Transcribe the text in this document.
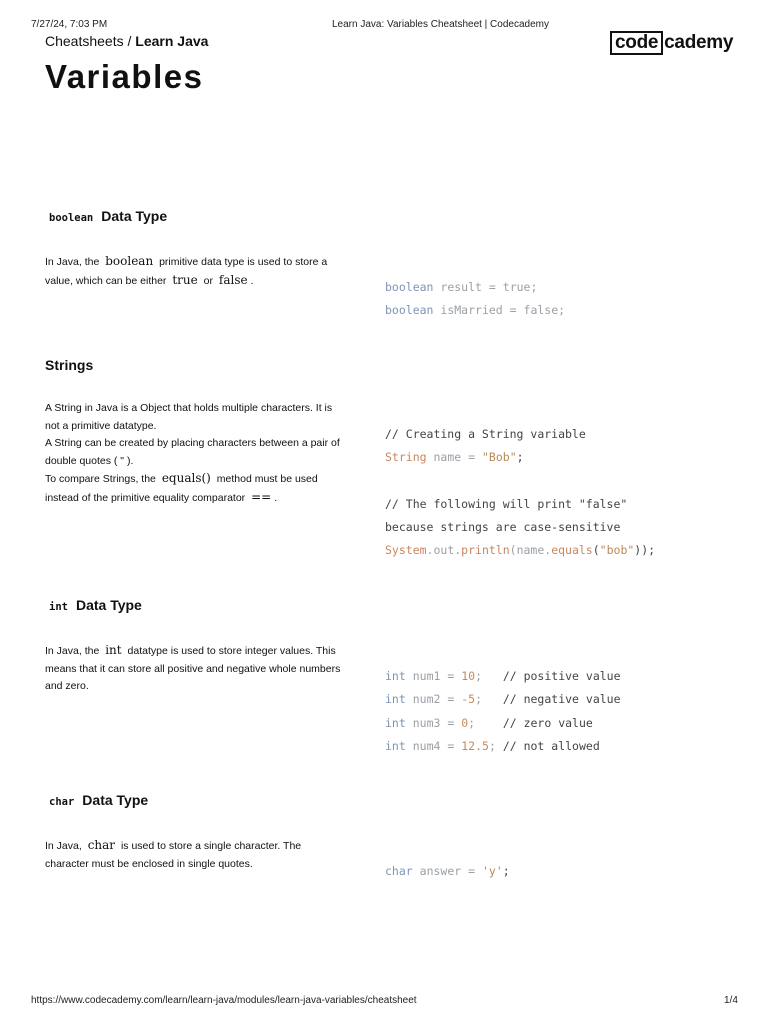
7/27/24, 7:03 PM	Learn Java: Variables Cheatsheet | Codecademy
Cheatsheets / Learn Java	code cademy
Variables
boolean Data Type
In Java, the boolean primitive data type is used to store a value, which can be either true or false .	boolean result = true;
boolean isMarried = false;

Strings
A String in Java is a Object that holds multiple characters. It is not a primitive datatype.
A String can be created by placing characters between a pair of double quotes ( " ).
To compare Strings, the equals() method must be used instead of the primitive equality comparator == .

// Creating a String variable
String name = "Bob";

// The following will print "false"
because strings are case-sensitive
System.out.println(name.equals("bob"));

int Data Type
In Java, the int datatype is used to store integer values. This means that it can store all positive and negative whole numbers and zero.

int num1 = 10; // positive value
int num2 = -5; // negative value
int num3 = 0; // zero value
int num4 = 12.5; // not allowed

char Data Type
In Java, char is used to store a single character. The character must be enclosed in single quotes.

char answer = 'y';

https://www.codecademy.com/learn/learn-java/modules/learn-java-variables/cheatsheet	1/4
